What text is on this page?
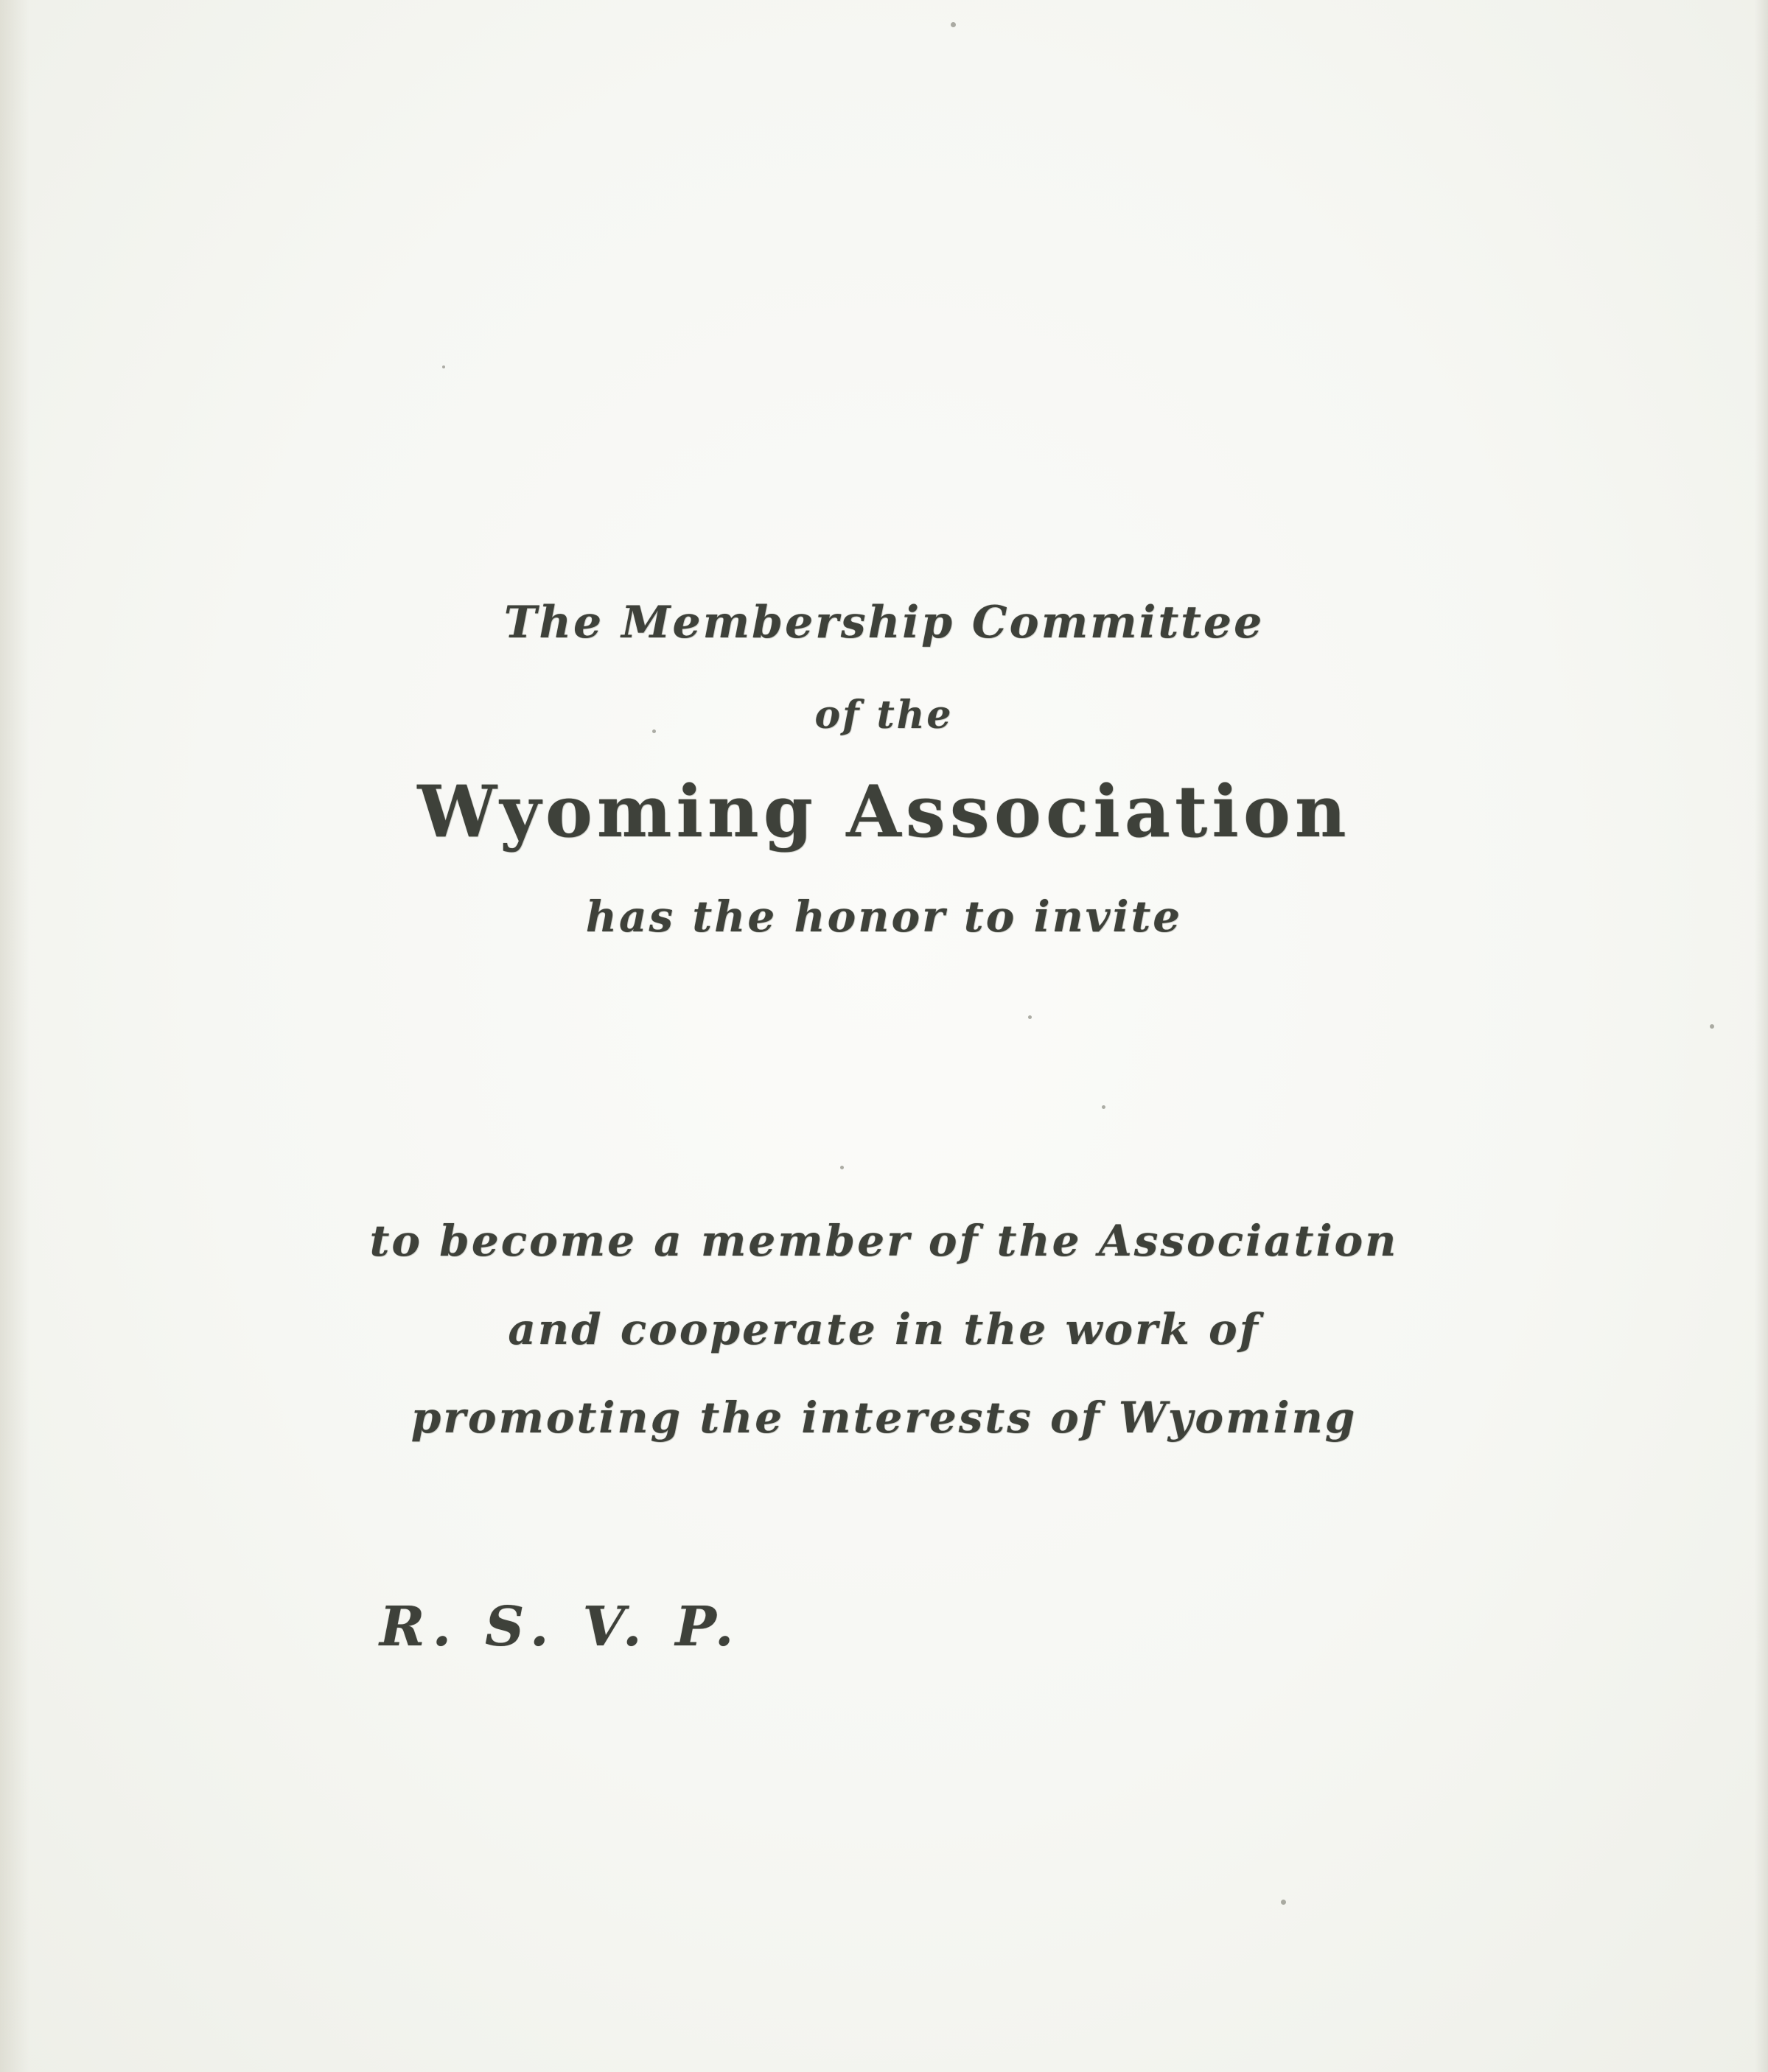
The Membership Committee
of the
Wyoming Association
has the honor to invite
to become a member of the Association
and cooperate in the work of
promoting the interests of Wyoming
R. S. V. P.
